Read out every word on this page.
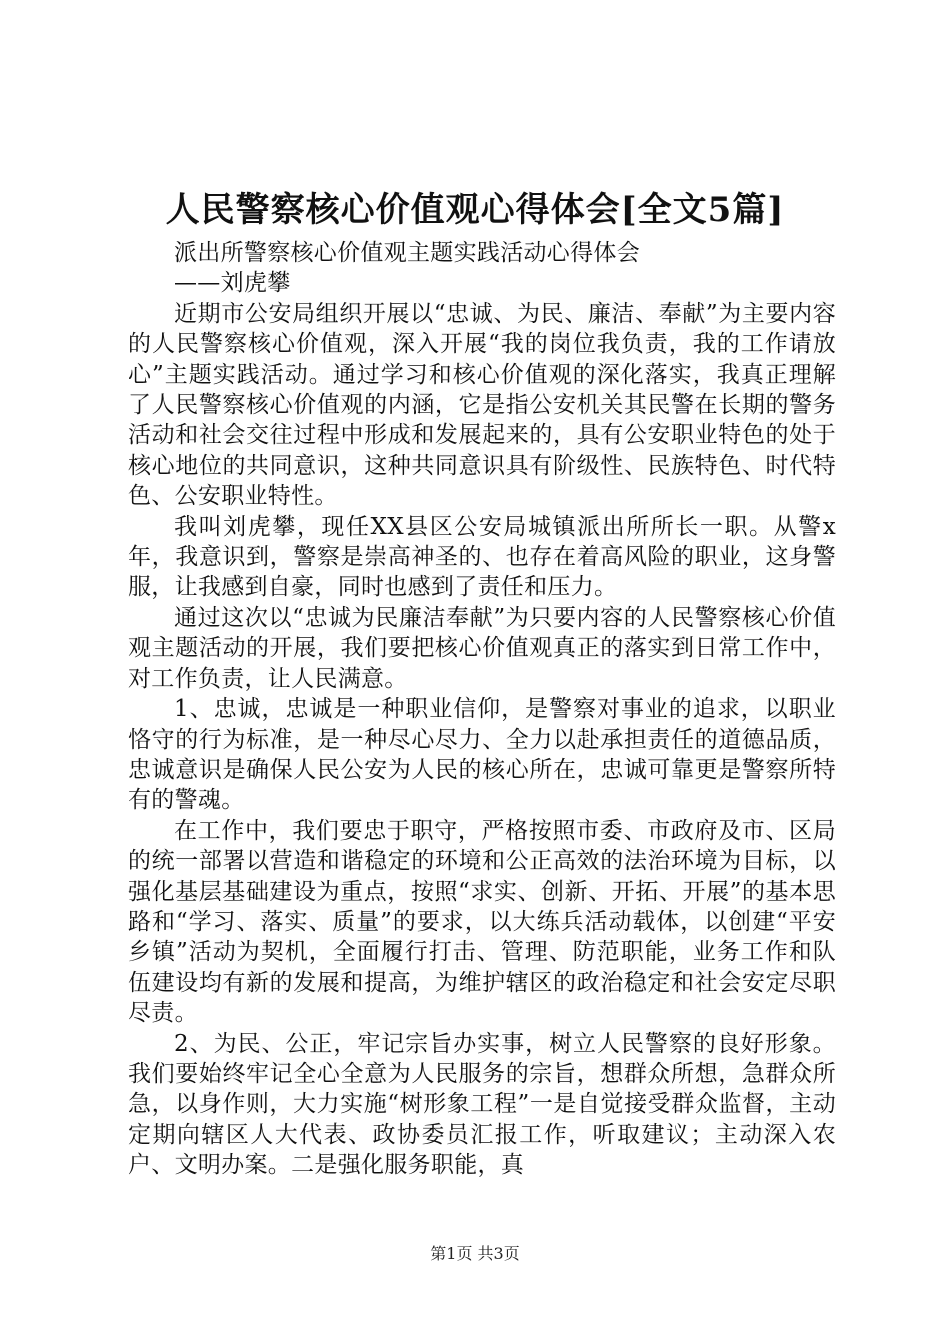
人民警察核心价值观心得体会[全文5篇]

派出所警察核心价值观主题实践活动心得体会

——刘虎攀

近期市公安局组织开展以“忠诚、为民、廉洁、奉献”为主要内容的人民警察核心价值观，深入开展“我的岗位我负责，我的工作请放心”主题实践活动。通过学习和核心价值观的深化落实，我真正理解了人民警察核心价值观的内涵，它是指公安机关其民警在长期的警务活动和社会交往过程中形成和发展起来的，具有公安职业特色的处于核心地位的共同意识，这种共同意识具有阶级性、民族特色、时代特色、公安职业特性。

我叫刘虎攀，现任XX县区公安局城镇派出所所长一职。从警x年，我意识到，警察是崇高神圣的、也存在着高风险的职业，这身警服，让我感到自豪，同时也感到了责任和压力。

通过这次以“忠诚为民廉洁奉献”为只要内容的人民警察核心价值观主题活动的开展，我们要把核心价值观真正的落实到日常工作中，对工作负责，让人民满意。

1、忠诚，忠诚是一种职业信仰，是警察对事业的追求，以职业恪守的行为标准，是一种尽心尽力、全力以赴承担责任的道德品质，忠诚意识是确保人民公安为人民的核心所在，忠诚可靠更是警察所特有的警魂。

在工作中，我们要忠于职守，严格按照市委、市政府及市、区局的统一部署以营造和谐稳定的环境和公正高效的法治环境为目标，以强化基层基础建设为重点，按照“求实、创新、开拓、开展”的基本思路和“学习、落实、质量”的要求，以大练兵活动载体，以创建“平安乡镇”活动为契机，全面履行打击、管理、防范职能，业务工作和队伍建设均有新的发展和提高，为维护辖区的政治稳定和社会安定尽职尽责。

2、为民、公正，牢记宗旨办实事，树立人民警察的良好形象。我们要始终牢记全心全意为人民服务的宗旨，想群众所想，急群众所急，以身作则，大力实施“树形象工程”一是自觉接受群众监督，主动定期向辖区人大代表、政协委员汇报工作，听取建议；主动深入农户、文明办案。二是强化服务职能，真

第1页 共3页
